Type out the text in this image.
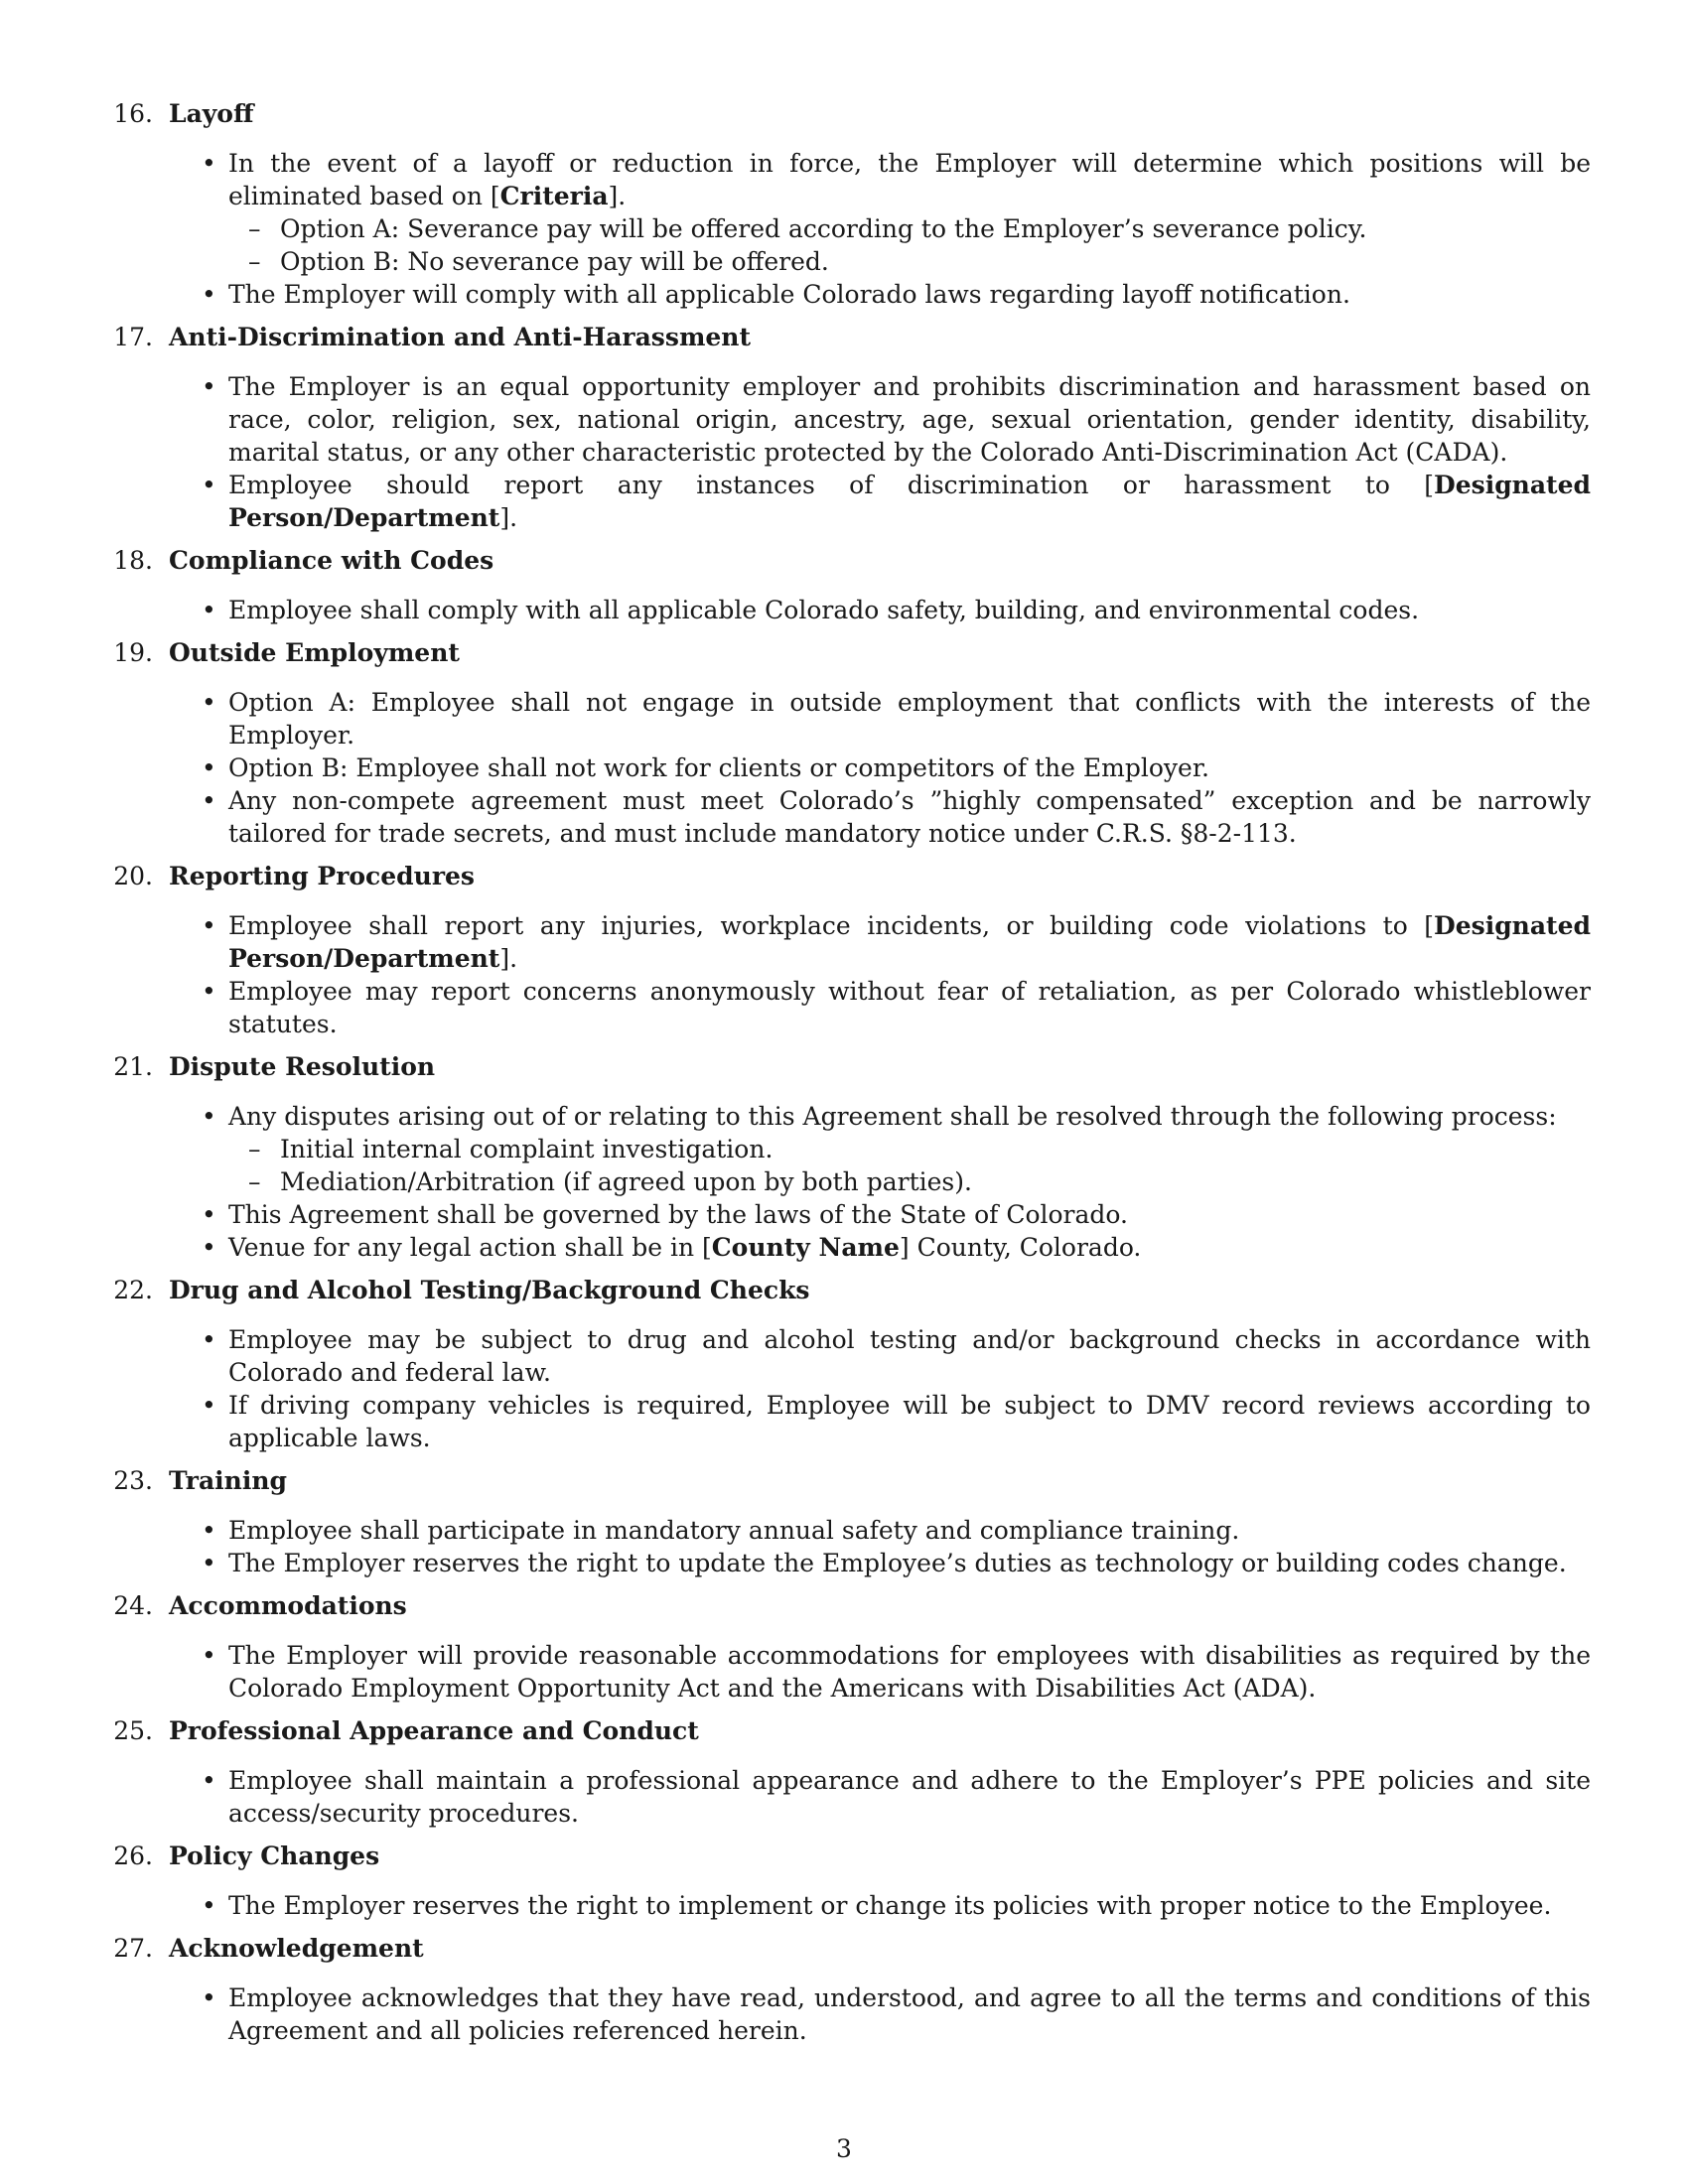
16. Layoff
• In the event of a layoff or reduction in force, the Employer will determine which positions will be eliminated based on [Criteria].
– Option A: Severance pay will be offered according to the Employer’s severance policy.
– Option B: No severance pay will be offered.
• The Employer will comply with all applicable Colorado laws regarding layoff notification.
17. Anti-Discrimination and Anti-Harassment
• The Employer is an equal opportunity employer and prohibits discrimination and harassment based on race, color, religion, sex, national origin, ancestry, age, sexual orientation, gender identity, disability, marital status, or any other characteristic protected by the Colorado Anti-Discrimination Act (CADA).
• Employee should report any instances of discrimination or harassment to [Designated Person/Department].
18. Compliance with Codes
• Employee shall comply with all applicable Colorado safety, building, and environmental codes.
19. Outside Employment
• Option A: Employee shall not engage in outside employment that conflicts with the interests of the Employer.
• Option B: Employee shall not work for clients or competitors of the Employer.
• Any non-compete agreement must meet Colorado’s ”highly compensated” exception and be narrowly tailored for trade secrets, and must include mandatory notice under C.R.S. §8-2-113.
20. Reporting Procedures
• Employee shall report any injuries, workplace incidents, or building code violations to [Designated Person/Department].
• Employee may report concerns anonymously without fear of retaliation, as per Colorado whistleblower statutes.
21. Dispute Resolution
• Any disputes arising out of or relating to this Agreement shall be resolved through the following process:
– Initial internal complaint investigation.
– Mediation/Arbitration (if agreed upon by both parties).
• This Agreement shall be governed by the laws of the State of Colorado.
• Venue for any legal action shall be in [County Name] County, Colorado.
22. Drug and Alcohol Testing/Background Checks
• Employee may be subject to drug and alcohol testing and/or background checks in accordance with Colorado and federal law.
• If driving company vehicles is required, Employee will be subject to DMV record reviews according to applicable laws.
23. Training
• Employee shall participate in mandatory annual safety and compliance training.
• The Employer reserves the right to update the Employee’s duties as technology or building codes change.
24. Accommodations
• The Employer will provide reasonable accommodations for employees with disabilities as required by the Colorado Employment Opportunity Act and the Americans with Disabilities Act (ADA).
25. Professional Appearance and Conduct
• Employee shall maintain a professional appearance and adhere to the Employer’s PPE policies and site access/security procedures.
26. Policy Changes
• The Employer reserves the right to implement or change its policies with proper notice to the Employee.
27. Acknowledgement
• Employee acknowledges that they have read, understood, and agree to all the terms and conditions of this Agreement and all policies referenced herein.
3
